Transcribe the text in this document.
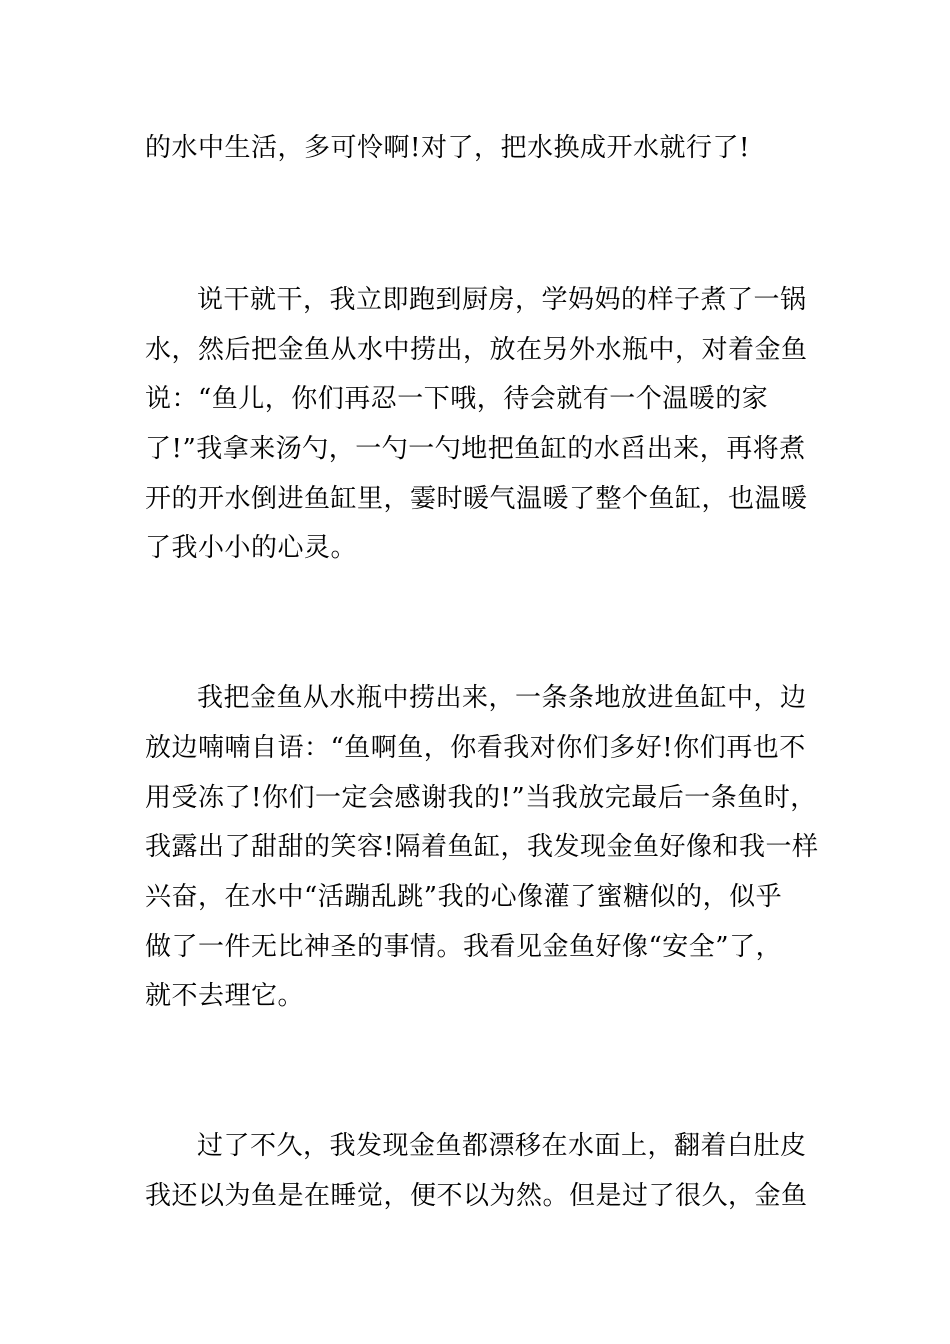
的水中生活，多可怜啊!对了，把水换成开水就行了!
说干就干，我立即跑到厨房，学妈妈的样子煮了一锅
水，然后把金鱼从水中捞出，放在另外水瓶中，对着金鱼
说：“鱼儿，你们再忍一下哦，待会就有一个温暖的家
了!”我拿来汤勺，一勺一勺地把鱼缸的水舀出来，再将煮
开的开水倒进鱼缸里，霎时暖气温暖了整个鱼缸，也温暖
了我小小的心灵。
我把金鱼从水瓶中捞出来，一条条地放进鱼缸中，边
放边喃喃自语：“鱼啊鱼，你看我对你们多好!你们再也不
用受冻了!你们一定会感谢我的!”当我放完最后一条鱼时，
我露出了甜甜的笑容!隔着鱼缸，我发现金鱼好像和我一样
兴奋，在水中“活蹦乱跳”我的心像灌了蜜糖似的，似乎
做了一件无比神圣的事情。我看见金鱼好像“安全”了，
就不去理它。
过了不久，我发现金鱼都漂移在水面上，翻着白肚皮
我还以为鱼是在睡觉，便不以为然。但是过了很久，金鱼
